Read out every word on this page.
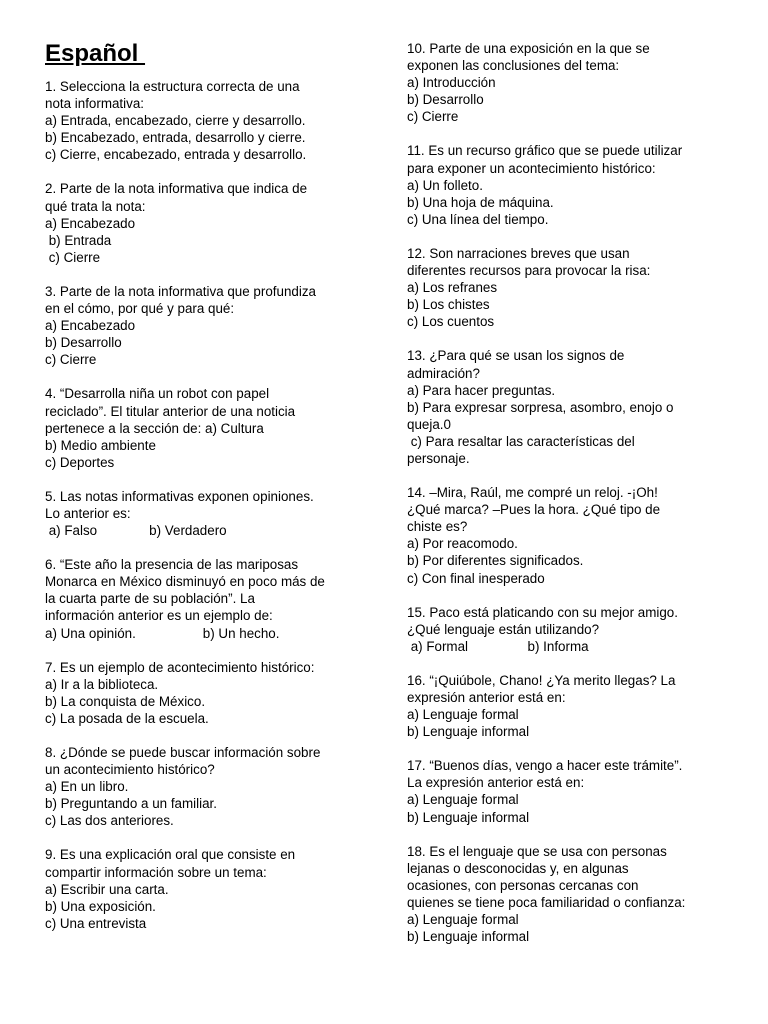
Español
1. Selecciona la estructura correcta de una
nota informativa:
a) Entrada, encabezado, cierre y desarrollo.
b) Encabezado, entrada, desarrollo y cierre.
c) Cierre, encabezado, entrada y desarrollo.
2. Parte de la nota informativa que indica de
qué trata la nota:
a) Encabezado
b) Entrada
c) Cierre
3. Parte de la nota informativa que profundiza
en el cómo, por qué y para qué:
a) Encabezado
b) Desarrollo
c) Cierre
4. “Desarrolla niña un robot con papel
reciclado”. El titular anterior de una noticia
pertenece a la sección de: a) Cultura
b) Medio ambiente
c) Deportes
5. Las notas informativas exponen opiniones.
Lo anterior es:
a) Falso              b) Verdadero
6. “Este año la presencia de las mariposas
Monarca en México disminuyó en poco más de
la cuarta parte de su población”. La
información anterior es un ejemplo de:
a) Una opinión.                  b) Un hecho.
7. Es un ejemplo de acontecimiento histórico:
a) Ir a la biblioteca.
b) La conquista de México.
c) La posada de la escuela.
8. ¿Dónde se puede buscar información sobre
un acontecimiento histórico?
a) En un libro.
b) Preguntando a un familiar.
c) Las dos anteriores.
9. Es una explicación oral que consiste en
compartir información sobre un tema:
a) Escribir una carta.
b) Una exposición.
c) Una entrevista
10. Parte de una exposición en la que se
exponen las conclusiones del tema:
a) Introducción
b) Desarrollo
c) Cierre
11. Es un recurso gráfico que se puede utilizar
para exponer un acontecimiento histórico:
a) Un folleto.
b) Una hoja de máquina.
c) Una línea del tiempo.
12. Son narraciones breves que usan
diferentes recursos para provocar la risa:
a) Los refranes
b) Los chistes
c) Los cuentos
13. ¿Para qué se usan los signos de
admiración?
a) Para hacer preguntas.
b) Para expresar sorpresa, asombro, enojo o
queja.0
c) Para resaltar las características del
personaje.
14. –Mira, Raúl, me compré un reloj. -¡Oh!
¿Qué marca? –Pues la hora. ¿Qué tipo de
chiste es?
a) Por reacomodo.
b) Por diferentes significados.
c) Con final inesperado
15. Paco está platicando con su mejor amigo.
¿Qué lenguaje están utilizando?
a) Formal                b) Informa
16. “¡Quiúbole, Chano! ¿Ya merito llegas? La
expresión anterior está en:
a) Lenguaje formal
b) Lenguaje informal
17. “Buenos días, vengo a hacer este trámite”.
La expresión anterior está en:
a) Lenguaje formal
b) Lenguaje informal
18. Es el lenguaje que se usa con personas
lejanas o desconocidas y, en algunas
ocasiones, con personas cercanas con
quienes se tiene poca familiaridad o confianza:
a) Lenguaje formal
b) Lenguaje informal
